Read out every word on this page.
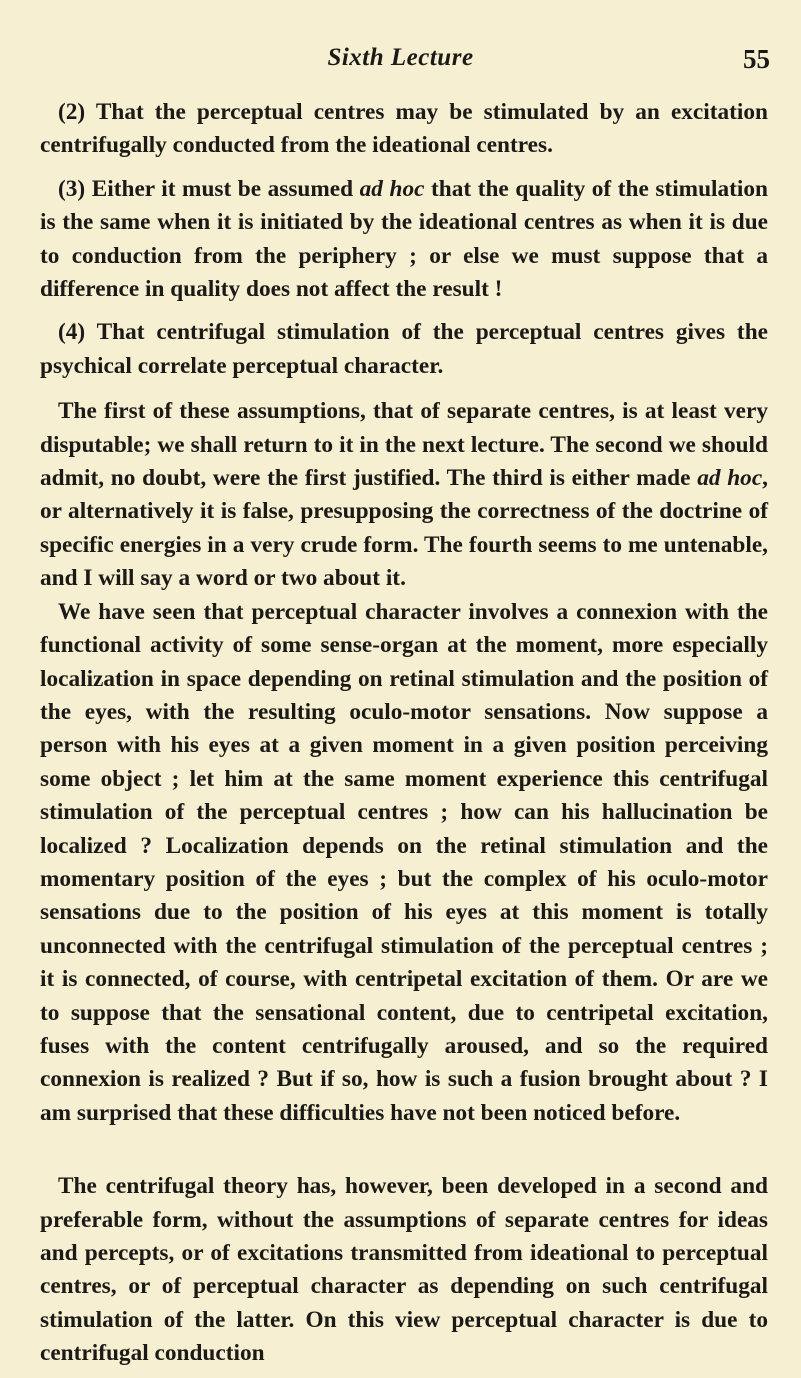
Sixth Lecture	55

(2) That the perceptual centres may be stimulated by an excitation centrifugally conducted from the ideational centres.

(3) Either it must be assumed ad hoc that the quality of the stimulation is the same when it is initiated by the ideational centres as when it is due to conduction from the periphery ; or else we must suppose that a difference in quality does not affect the result !

(4) That centrifugal stimulation of the perceptual centres gives the psychical correlate perceptual character.

The first of these assumptions, that of separate centres, is at least very disputable; we shall return to it in the next lecture. The second we should admit, no doubt, were the first justified. The third is either made ad hoc, or alternatively it is false, presupposing the correctness of the doctrine of specific energies in a very crude form. The fourth seems to me untenable, and I will say a word or two about it.

We have seen that perceptual character involves a connexion with the functional activity of some sense-organ at the moment, more especially localization in space depending on retinal stimulation and the position of the eyes, with the resulting oculo-motor sensations. Now suppose a person with his eyes at a given moment in a given position perceiving some object ; let him at the same moment experience this centrifugal stimulation of the perceptual centres ; how can his hallucination be localized ? Localization depends on the retinal stimulation and the momentary position of the eyes ; but the complex of his oculo-motor sensations due to the position of his eyes at this moment is totally unconnected with the centrifugal stimulation of the perceptual centres ; it is connected, of course, with centripetal excitation of them. Or are we to suppose that the sensational content, due to centripetal excitation, fuses with the content centrifugally aroused, and so the required connexion is realized ? But if so, how is such a fusion brought about ? I am surprised that these difficulties have not been noticed before.

The centrifugal theory has, however, been developed in a second and preferable form, without the assumptions of separate centres for ideas and percepts, or of excitations transmitted from ideational to perceptual centres, or of perceptual character as depending on such centrifugal stimulation of the latter. On this view perceptual character is due to centrifugal conduction
